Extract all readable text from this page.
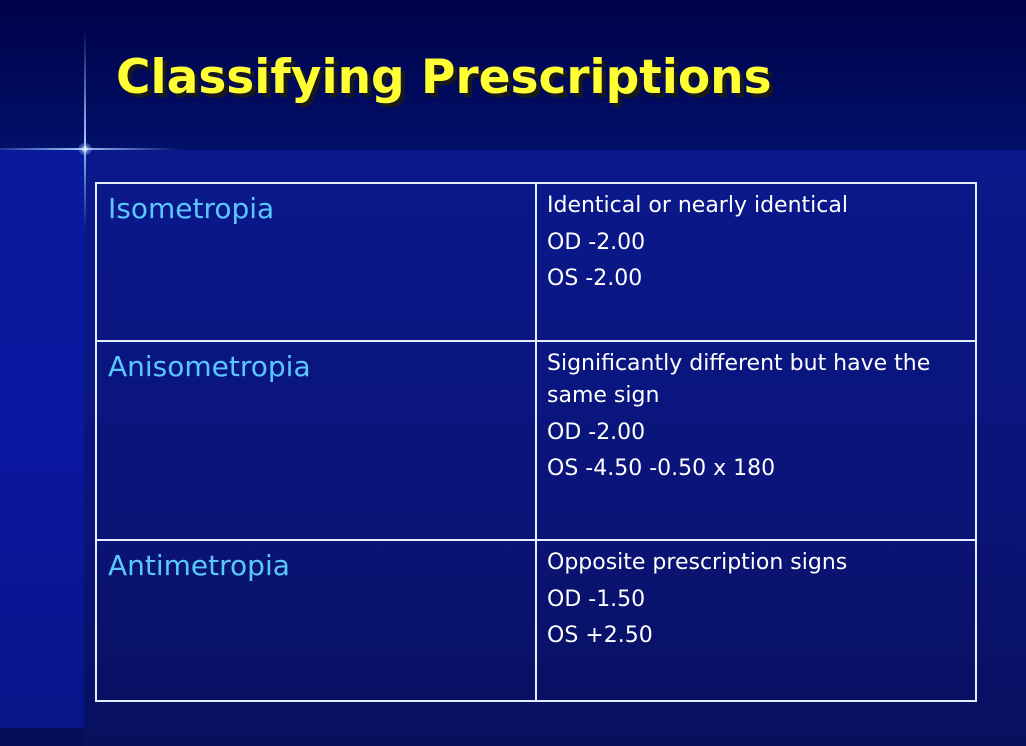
Classifying Prescriptions
Isometropia	Identical or nearly identical
OD -2.00
OS -2.00

Anisometropia	Significantly different but have the same sign
OD -2.00
OS -4.50 -0.50 x 180

Antimetropia	Opposite prescription signs
OD -1.50
OS +2.50
